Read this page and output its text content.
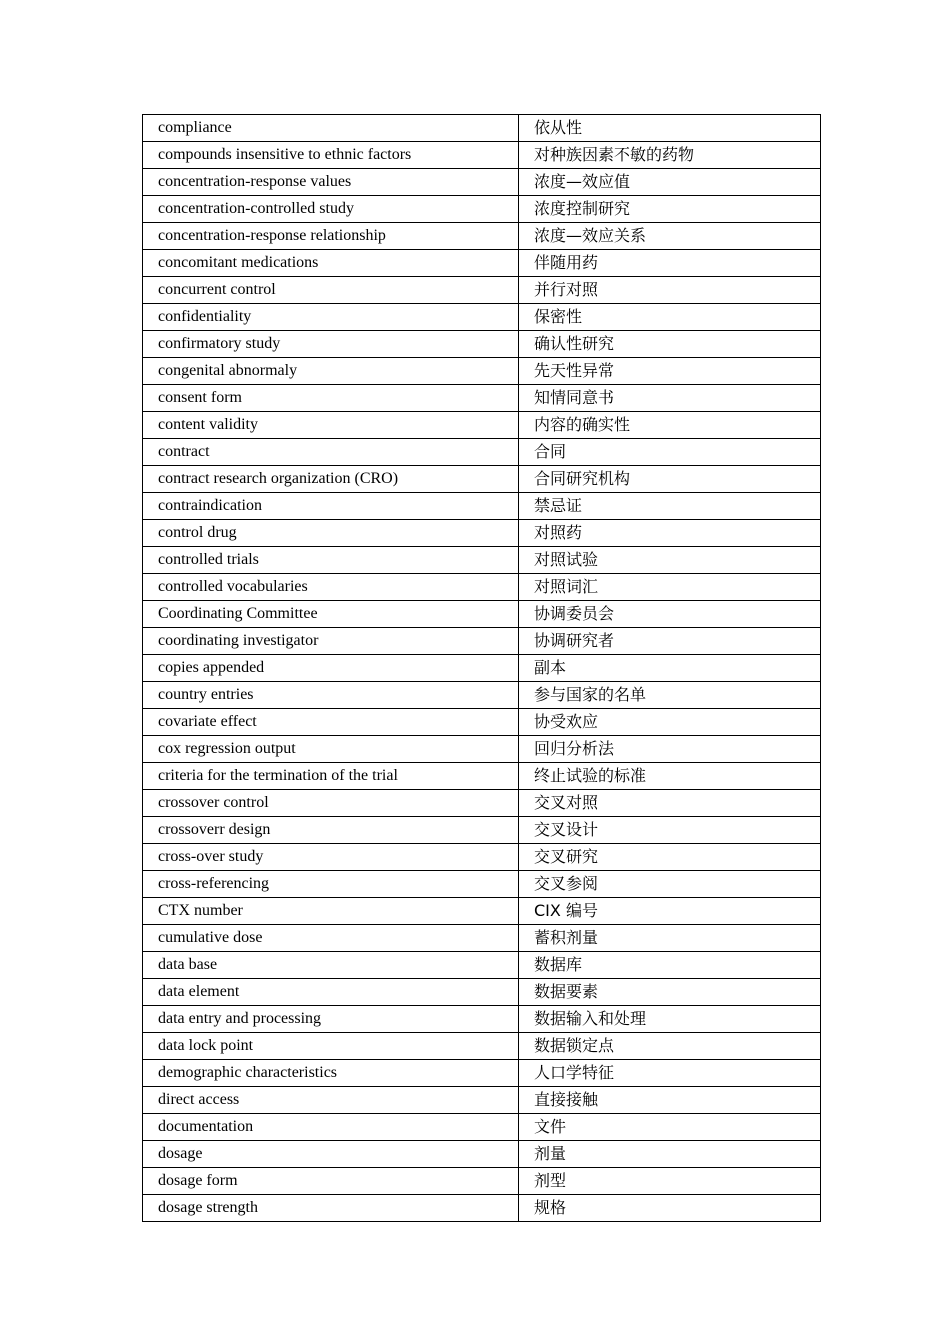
compliance	依从性
compounds insensitive to ethnic factors	对种族因素不敏的药物
concentration-response values	浓度—效应值
concentration-controlled study	浓度控制研究
concentration-response relationship	浓度—效应关系
concomitant medications	伴随用药
concurrent control	并行对照
confidentiality	保密性
confirmatory study	确认性研究
congenital abnormaly	先天性异常
consent form	知情同意书
content validity	内容的确实性
contract	合同
contract research organization (CRO)	合同研究机构
contraindication	禁忌证
control drug	对照药
controlled trials	对照试验
controlled vocabularies	对照词汇
Coordinating Committee	协调委员会
coordinating investigator	协调研究者
copies appended	副本
country entries	参与国家的名单
covariate effect	协受欢应
cox regression output	回归分析法
criteria for the termination of the trial	终止试验的标准
crossover control	交叉对照
crossoverr design	交叉设计
cross-over study	交叉研究
cross-referencing	交叉参阅
CTX number	CIX 编号
cumulative dose	蓄积剂量
data base	数据库
data element	数据要素
data entry and processing	数据输入和处理
data lock point	数据锁定点
demographic characteristics	人口学特征
direct access	直接接触
documentation	文件
dosage	剂量
dosage form	剂型
dosage strength	规格
